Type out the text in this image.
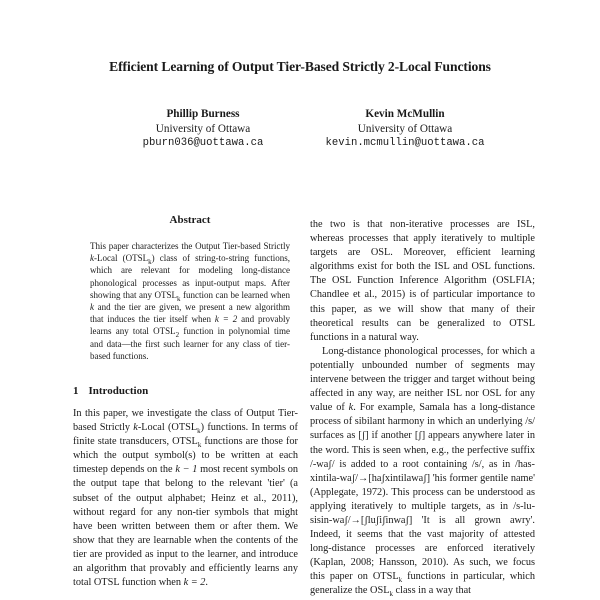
Efficient Learning of Output Tier-Based Strictly 2-Local Functions
Phillip Burness
University of Ottawa
pburn036@uottawa.ca
Kevin McMullin
University of Ottawa
kevin.mcmullin@uottawa.ca
Abstract
This paper characterizes the Output Tier-based Strictly k-Local $(OTSL_k)$ class of string-to-string functions, which are relevant for modeling long-distance phonological processes as input-output maps. After showing that any $OTSL_k$ function can be learned when k and the tier are given, we present a new algorithm that induces the tier itself when k = 2 and provably learns any total $OTSL_2$ function in polynomial time and data—the first such learner for any class of tier-based functions.
1 Introduction
In this paper, we investigate the class of Output Tier-based Strictly k-Local $(OTSL_k)$ functions. In terms of finite state transducers, $OTSL_k$ functions are those for which the output symbol(s) to be written at each timestep depends on the k − 1 most recent symbols on the output tape that belong to the relevant 'tier' (a subset of the output alphabet; Heinz et al., 2011), without regard for any non-tier symbols that might have been written between them or after them. We show that they are learnable when the contents of the tier are provided as input to the learner, and introduce an algorithm that provably and efficiently learns any total OTSL function when k = 2.

the two is that non-iterative processes are ISL, whereas processes that apply iteratively to multiple targets are OSL. Moreover, efficient learning algorithms exist for both the ISL and OSL functions. The OSL Function Inference Algorithm (OSLFIA; Chandlee et al., 2015) is of particular importance to this paper, as we will show that many of their theoretical results can be generalized to OTSL functions in a natural way.

Long-distance phonological processes, for which a potentially unbounded number of segments may intervene between the trigger and target without being affected in any way, are neither ISL nor OSL for any value of k. For example, Samala has a long-distance process of sibilant harmony in which an underlying /s/ surfaces as [ʃ] if another [ʃ] appears anywhere later in the word. This is seen when, e.g., the perfective suffix /-waʃ/ is added to a root containing /s/, as in /has-xintila-waʃ/→[haʃxintilawaʃ] 'his former gentile name' (Applegate, 1972). This process can be understood as applying iteratively to multiple targets, as in /s-lu-sisin-waʃ/→[ʃluʃiʃinwaʃ] 'It is all grown awry'. Indeed, it seems that the vast majority of attested long-distance processes are enforced iteratively (Kaplan, 2008; Hansson, 2010). As such, we focus this paper on $OTSL_k$ functions in particular, which generalize the $OSL_k$ class in a way that
